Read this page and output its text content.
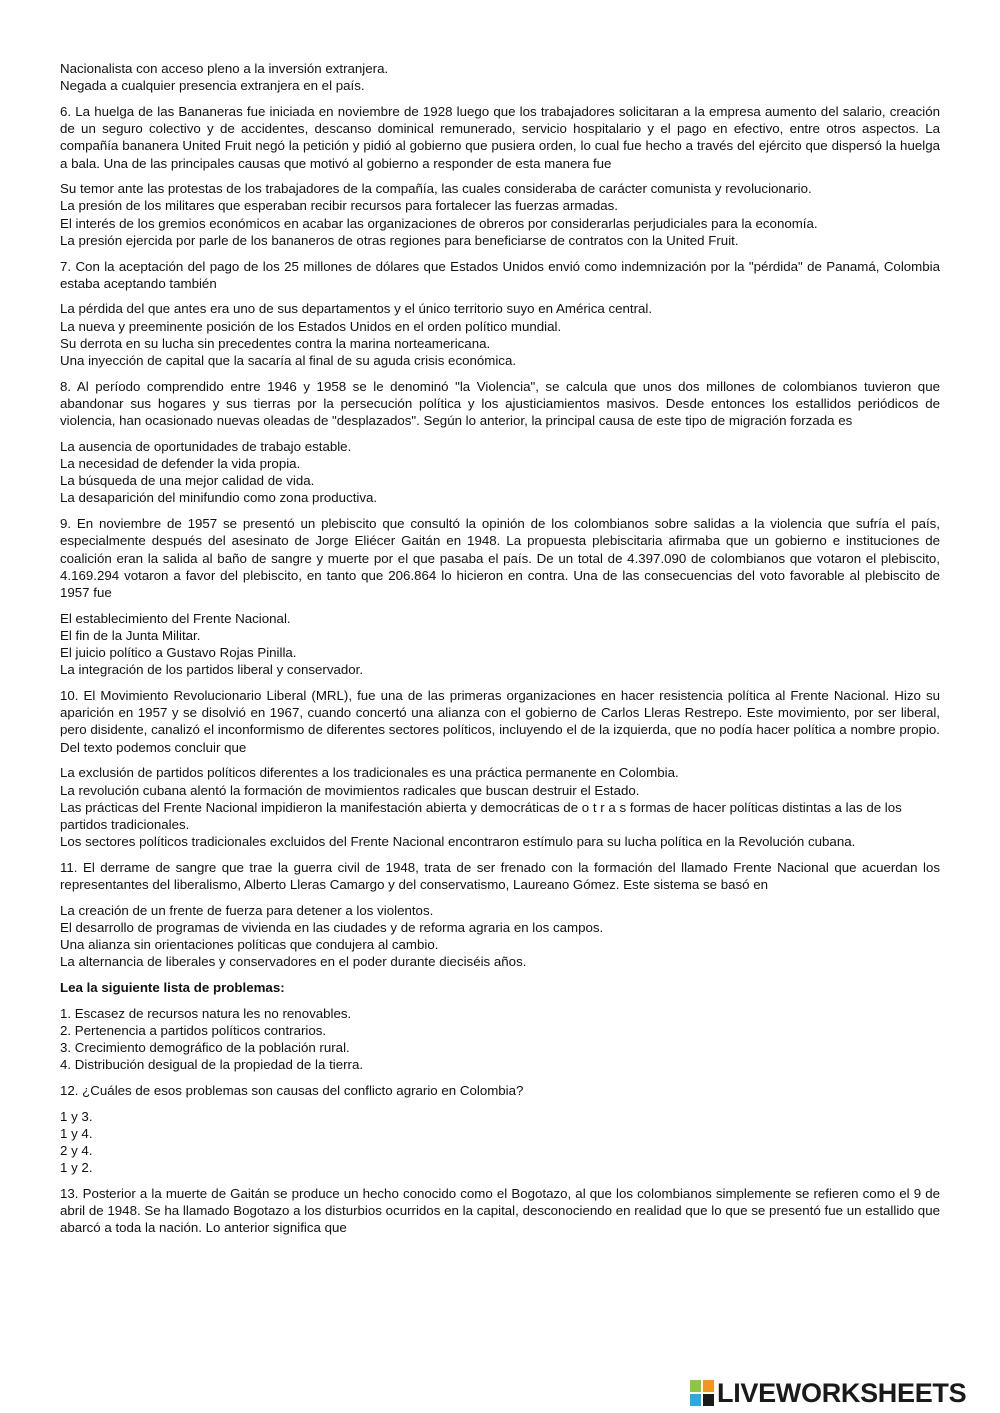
Nacionalista con acceso pleno a la inversión extranjera.
Negada a cualquier presencia extranjera en el país.
6. La huelga de las Bananeras fue iniciada en noviembre de 1928 luego que los trabajadores solicitaran a la empresa aumento del salario, creación de un seguro colectivo y de accidentes, descanso dominical remunerado, servicio hospitalario y el pago en efectivo, entre otros aspectos. La compañía bananera United Fruit negó la petición y pidió al gobierno que pusiera orden, lo cual fue hecho a través del ejército que dispersó la huelga a bala. Una de las principales causas que motivó al gobierno a responder de esta manera fue
Su temor ante las protestas de los trabajadores de la compañía, las cuales consideraba de carácter comunista y revolucionario.
La presión de los militares que esperaban recibir recursos para fortalecer las fuerzas armadas.
El interés de los gremios económicos en acabar las organizaciones de obreros por considerarlas perjudiciales para la economía.
La presión ejercida por parle de los bananeros de otras regiones para beneficiarse de contratos con la United Fruit.
7. Con la aceptación del pago de los 25 millones de dólares que Estados Unidos envió como indemnización por la "pérdida" de Panamá, Colombia estaba aceptando también
La pérdida del que antes era uno de sus departamentos y el único territorio suyo en América central.
La nueva y preeminente posición de los Estados Unidos en el orden político mundial.
Su derrota en su lucha sin precedentes contra la marina norteamericana.
Una inyección de capital que la sacaría al final de su aguda crisis económica.
8. Al período comprendido entre 1946 y 1958 se le denominó "la Violencia", se calcula que unos dos millones de colombianos tuvieron que abandonar sus hogares y sus tierras por la persecución política y los ajusticiamientos masivos. Desde entonces los estallidos periódicos de violencia, han ocasionado nuevas oleadas de "desplazados". Según lo anterior, la principal causa de este tipo de migración forzada es
La ausencia de oportunidades de trabajo estable.
La necesidad de defender la vida propia.
La búsqueda de una mejor calidad de vida.
La desaparición del minifundio como zona productiva.
9. En noviembre de 1957 se presentó un plebiscito que consultó la opinión de los colombianos sobre salidas a la violencia que sufría el país, especialmente después del asesinato de Jorge Eliécer Gaitán en 1948. La propuesta plebiscitaria afirmaba que un gobierno e instituciones de coalición eran la salida al baño de sangre y muerte por el que pasaba el país. De un total de 4.397.090 de colombianos que votaron el plebiscito, 4.169.294 votaron a favor del plebiscito, en tanto que 206.864 lo hicieron en contra. Una de las consecuencias del voto favorable al plebiscito de 1957 fue
El establecimiento del Frente Nacional.
El fin de la Junta Militar.
El juicio político a Gustavo Rojas Pinilla.
La integración de los partidos liberal y conservador.
10. El Movimiento Revolucionario Liberal (MRL), fue una de las primeras organizaciones en hacer resistencia política al Frente Nacional. Hizo su aparición en 1957 y se disolvió en 1967, cuando concertó una alianza con el gobierno de Carlos Lleras Restrepo. Este movimiento, por ser liberal, pero disidente, canalizó el inconformismo de diferentes sectores políticos, incluyendo el de la izquierda, que no podía hacer política a nombre propio. Del texto podemos concluir que
La exclusión de partidos políticos diferentes a los tradicionales es una práctica permanente en Colombia.
La revolución cubana alentó la formación de movimientos radicales que buscan destruir el Estado.
Las prácticas del Frente Nacional impidieron la manifestación abierta y democráticas de o t r a s formas de hacer políticas distintas a las de los partidos tradicionales.
Los sectores políticos tradicionales excluidos del Frente Nacional encontraron estímulo para su lucha política en la Revolución cubana.
11. El derrame de sangre que trae la guerra civil de 1948, trata de ser frenado con la formación del llamado Frente Nacional que acuerdan los representantes del liberalismo, Alberto Lleras Camargo y del conservatismo, Laureano Gómez. Este sistema se basó en
La creación de un frente de fuerza para detener a los violentos.
El desarrollo de programas de vivienda en las ciudades y de reforma agraria en los campos.
Una alianza sin orientaciones políticas que condujera al cambio.
La alternancia de liberales y conservadores en el poder durante dieciséis años.
Lea la siguiente lista de problemas:
1. Escasez de recursos natura les no renovables.
2. Pertenencia a partidos políticos contrarios.
3. Crecimiento demográfico de la población rural.
4. Distribución desigual de la propiedad de la tierra.
12. ¿Cuáles de esos problemas son causas del conflicto agrario en Colombia?
1 y 3.
1 y 4.
2 y 4.
1 y 2.
13. Posterior a la muerte de Gaitán se produce un hecho conocido como el Bogotazo, al que los colombianos simplemente se refieren como el 9 de abril de 1948. Se ha llamado Bogotazo a los disturbios ocurridos en la capital, desconociendo en realidad que lo que se presentó fue un estallido que abarcó a toda la nación. Lo anterior significa que
LIVEWORKSHEETS
